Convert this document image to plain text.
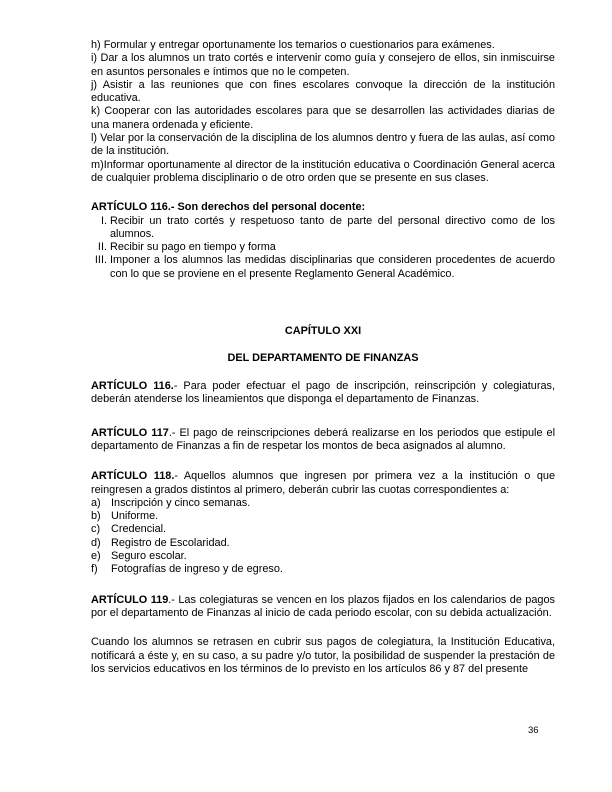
h) Formular y entregar oportunamente los temarios o cuestionarios para exámenes.

i) Dar a los alumnos un trato cortés e intervenir como guía y consejero de ellos, sin inmiscuirse en asuntos personales e íntimos que no le competen.

j) Asistir a las reuniones que con fines escolares convoque la dirección de la institución educativa.

k) Cooperar con las autoridades escolares para que se desarrollen las actividades diarias de una manera ordenada y eficiente.

l) Velar por la conservación de la disciplina de los alumnos dentro y fuera de las aulas, así como de la institución.

m)Informar oportunamente al director de la institución educativa o Coordinación General acerca de cualquier problema disciplinario o de otro orden que se presente en sus clases.

ARTÍCULO 116.- Son derechos del personal docente:

I. Recibir un trato cortés y respetuoso tanto de parte del personal directivo como de los alumnos.
II. Recibir su pago en tiempo y forma
III. Imponer a los alumnos las medidas disciplinarias que consideren procedentes de acuerdo con lo que se proviene en el presente Reglamento General Académico.

CAPÍTULO XXI

DEL DEPARTAMENTO DE FINANZAS

ARTÍCULO 116.- Para poder efectuar el pago de inscripción, reinscripción y colegiaturas, deberán atenderse los lineamientos que disponga el departamento de Finanzas.

ARTÍCULO 117.- El pago de reinscripciones deberá realizarse en los periodos que estipule el departamento de Finanzas a fin de respetar los montos de beca asignados al alumno.

ARTÍCULO 118.- Aquellos alumnos que ingresen por primera vez a la institución o que reingresen a grados distintos al primero, deberán cubrir las cuotas correspondientes a:

a) Inscripción y cinco semanas.
b) Uniforme.
c) Credencial.
d) Registro de Escolaridad.
e) Seguro escolar.
f) Fotografías de ingreso y de egreso.

ARTÍCULO 119.- Las colegiaturas se vencen en los plazos fijados en los calendarios de pagos por el departamento de Finanzas al inicio de cada periodo escolar, con su debida actualización.

Cuando los alumnos se retrasen en cubrir sus pagos de colegiatura, la Institución Educativa, notificará a éste y, en su caso, a su padre y/o tutor, la posibilidad de suspender la prestación de los servicios educativos en los términos de lo previsto en los artículos 86 y 87 del presente

36
